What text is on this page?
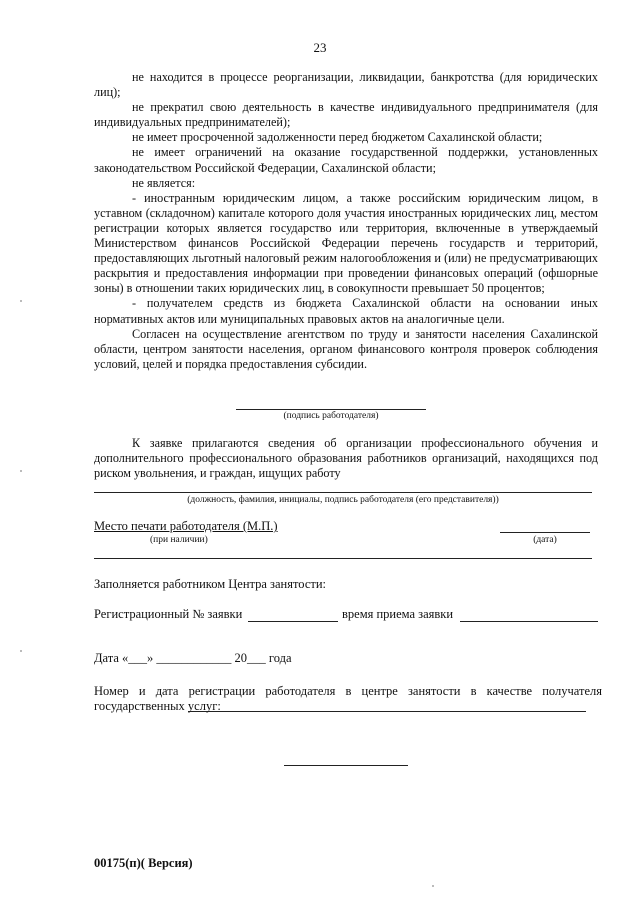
23

не находится в процессе реорганизации, ликвидации, банкротства (для юридических лиц);

не прекратил свою деятельность в качестве индивидуального предпринимателя (для индивидуальных предпринимателей);

не имеет просроченной задолженности перед бюджетом Сахалинской области;

не имеет ограничений на оказание государственной поддержки, установленных законодательством Российской Федерации, Сахалинской области;

не является:

- иностранным юридическим лицом, а также российским юридическим лицом, в уставном (складочном) капитале которого доля участия иностранных юридических лиц, местом регистрации которых является государство или территория, включенные в утверждаемый Министерством финансов Российской Федерации перечень государств и территорий, предоставляющих льготный налоговый режим налогообложения и (или) не предусматривающих раскрытия и предоставления информации при проведении финансовых операций (офшорные зоны) в отношении таких юридических лиц, в совокупности превышает 50 процентов;

- получателем средств из бюджета Сахалинской области на основании иных нормативных актов или муниципальных правовых актов на аналогичные цели.

Согласен на осуществление агентством по труду и занятости населения Сахалинской области, центром занятости населения, органом финансового контроля проверок соблюдения условий, целей и порядка предоставления субсидии.

(подпись работодателя)
К заявке прилагаются сведения об организации профессионального обучения и дополнительного профессионального образования работников организаций, находящихся под риском увольнения, и граждан, ищущих работу
(должность, фамилия, инициалы, подпись работодателя (его представителя))
Место печати работодателя (М.П.)
(при наличии)	(дата)
Заполняется работником Центра занятости:
Регистрационный № заявки	время приема заявки
Дата «___» ____________ 20___ года
Номер и дата регистрации работодателя в центре занятости в качестве получателя государственных услуг:
00175(п)( Версия)
